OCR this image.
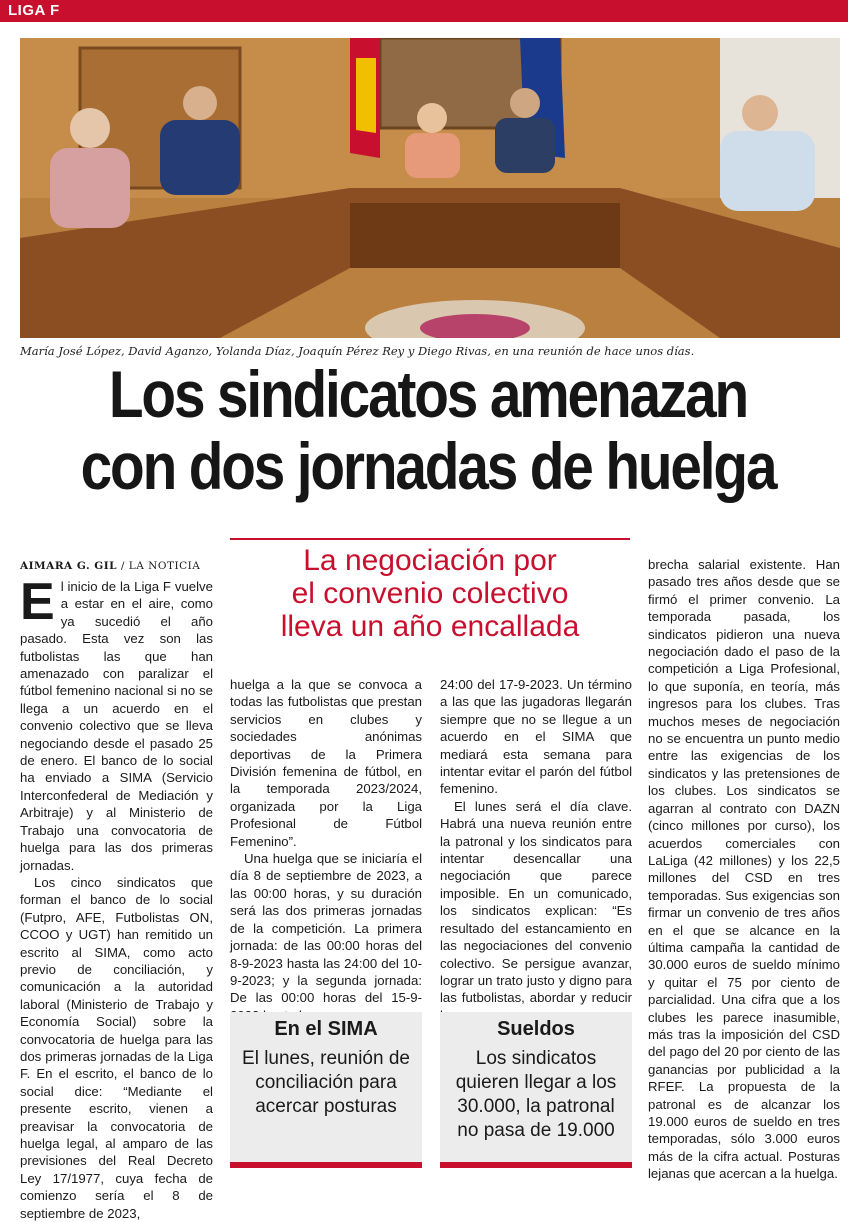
LIGA F
María José López, David Aganzo, Yolanda Díaz, Joaquín Pérez Rey y Diego Rivas, en una reunión de hace unos días.
Los sindicatos amenazan
con dos jornadas de huelga
AIMARA G. GIL / LA NOTICIA	La negociación por
el convenio colectivo
lleva un año encallada

El inicio de la Liga F vuelve a estar en el aire, como ya sucedió el año pasado. Esta vez son las futbolistas las que han amenazado con paralizar el fútbol femenino nacional si no se llega a un acuerdo en el convenio colectivo que se lleva negociando desde el pasado 25 de enero. El banco de lo social ha enviado a SIMA (Servicio Interconfederal de Mediación y Arbitraje) y al Ministerio de Trabajo una convocatoria de huelga para las dos primeras jornadas.

Los cinco sindicatos que forman el banco de lo social (Futpro, AFE, Futbolistas ON, CCOO y UGT) han remitido un escrito al SIMA, como acto previo de conciliación, y comunicación a la autoridad laboral (Ministerio de Trabajo y Economía Social) sobre la convocatoria de huelga para las dos primeras jornadas de la Liga F. En el escrito, el banco de lo social dice: “Mediante el presente escrito, vienen a preavisar la convocatoria de huelga legal, al amparo de las previsiones del Real Decreto Ley 17/1977, cuya fecha de comienzo sería el 8 de septiembre de 2023,

huelga a la que se convoca a todas las futbolistas que prestan servicios en clubes y sociedades anónimas deportivas de la Primera División femenina de fútbol, en la temporada 2023/2024, organizada por la Liga Profesional de Fútbol Femenino”.

Una huelga que se iniciaría el día 8 de septiembre de 2023, a las 00:00 horas, y su duración será las dos primeras jornadas de la competición. La primera jornada: de las 00:00 horas del 8-9-2023 hasta las 24:00 del 10-9-2023; y la segunda jornada: De las 00:00 horas del 15-9-

24:00 del 17-9-2023. Un término a las que las jugadoras llegarán siempre que no se llegue a un acuerdo en el SIMA que mediará esta semana para intentar evitar el parón del fútbol femenino.

El lunes será el día clave. Habrá una nueva reunión entre la patronal y los sindicatos para intentar desencallar una negociación que parece imposible. En un comunicado, los sindicatos explican: “Es resultado del estancamiento en las negociaciones del convenio colectivo. Se persigue avanzar, lograr un trato justo y digno para las futbolistas, abordar y reducir

brecha salarial existente. Han pasado tres años desde que se firmó el primer convenio. La temporada pasada, los sindicatos pidieron una nueva negociación dado el paso de la competición a Liga Profesional, lo que suponía, en teoría, más ingresos para los clubes. Tras muchos meses de negociación no se encuentra un punto medio entre las exigencias de los sindicatos y las pretensiones de los clubes. Los sindicatos se agarran al contrato con DAZN (cinco millones por curso), los acuerdos comerciales con LaLiga (42 millones) y los 22,5 millones del CSD en tres temporadas. Sus exigencias son firmar un convenio de tres años en el que se alcance en la última campaña la cantidad de 30.000 euros de sueldo mínimo y quitar el 75 por ciento de parcialidad. Una cifra que a los clubes les parece inasumible, más tras la imposición del CSD del pago del 20 por ciento de las ganancias por publicidad a la RFEF. La propuesta de la patronal es de alcanzar los 19.000 euros de sueldo en tres temporadas, sólo 3.000 euros más de la cifra actual. Posturas lejanas que acercan a la huelga.

En el SIMA
El lunes, reunión de conciliación para acercar posturas
Sueldos
Los sindicatos quieren llegar a los 30.000, la patronal no pasa de 19.000
